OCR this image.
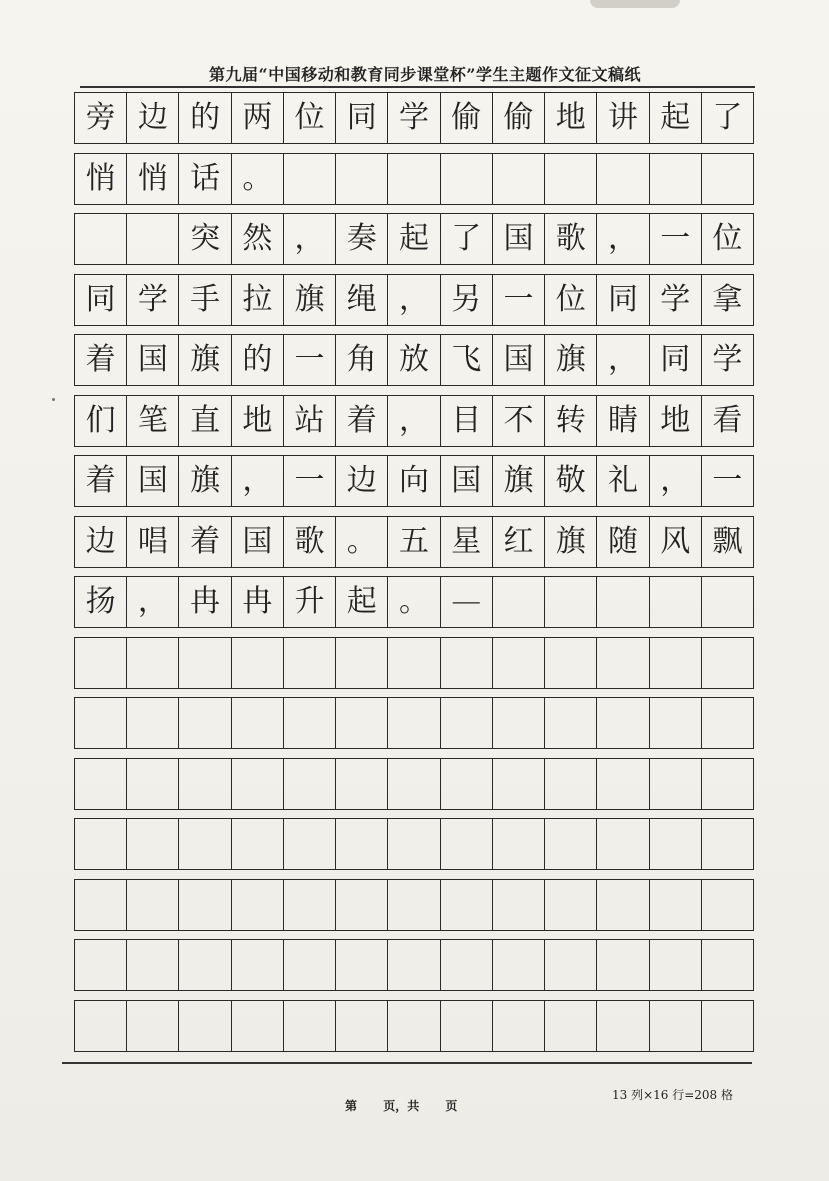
第九届“中国移动和教育同步课堂杯”学生主题作文征文稿纸
旁 边 的 两 位 同 学 偷 偷 地 讲 起 了
悄 悄 话 。
突 然 ， 奏 起 了 国 歌 ， 一 位
同 学 手 拉 旗 绳 ， 另 一 位 同 学 拿
着 国 旗 的 一 角 放 飞 国 旗 ， 同 学
们 笔 直 地 站 着 ， 目 不 转 睛 地 看
着 国 旗 ， 一 边 向 国 旗 敬 礼 ， 一
边 唱 着 国 歌 。 五 星 红 旗 随 风 飘
扬 ， 冉 冉 升 起 。 —
13 列×16 行=208 格
第 页，共 页
